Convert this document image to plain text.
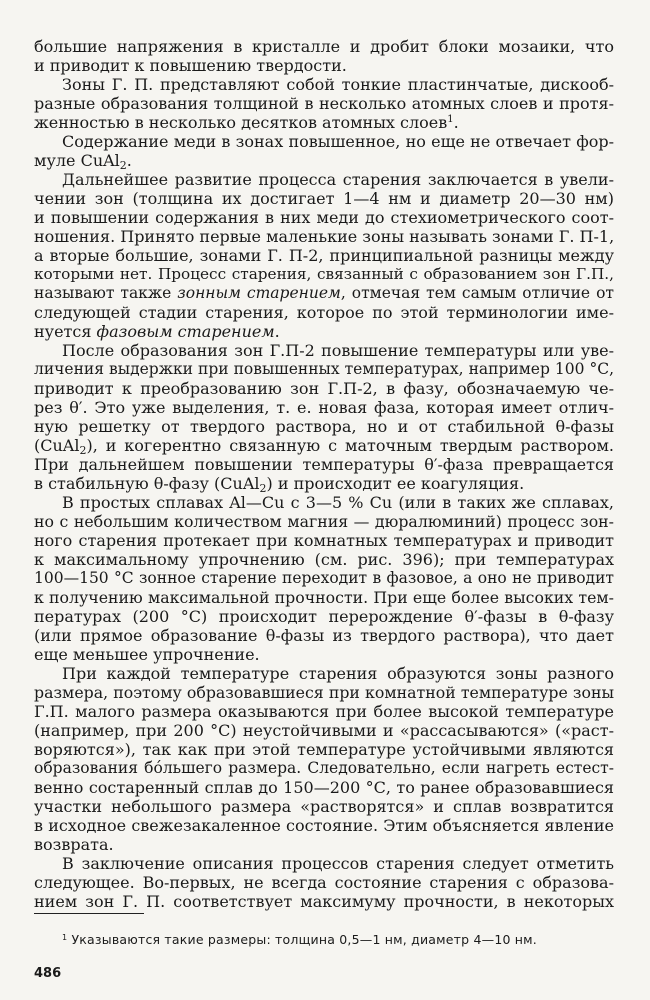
большие напряжения в кристалле и дробит блоки мозаики, что

и приводит к повышению твердости.

Зоны Г. П. представляют собой тонкие пластинчатые, дискооб-

разные образования толщиной в несколько атомных слоев и протя-

женностью в несколько десятков атомных слоев$^1$.

Содержание меди в зонах повышенное, но еще не отвечает фор-

муле CuAl$_2$.

Дальнейшее развитие процесса старения заключается в увели-

чении зон (толщина их достигает 1—4 нм и диаметр 20—30 нм)

и повышении содержания в них меди до стехиометрического соот-

ношения. Принято первые маленькие зоны называть зонами Г. П-1,

а вторые большие, зонами Г. П-2, принципиальной разницы между

которыми нет. Процесс старения, связанный с образованием зон Г.П.,

называют также зонным старением, отмечая тем самым отличие от

следующей стадии старения, которое по этой терминологии име-

нуется фазовым старением.

После образования зон Г.П-2 повышение температуры или уве-

личения выдержки при повышенных температурах, например 100 °С,

приводит к преобразованию зон Г.П-2, в фазу, обозначаемую че-

рез θ′. Это уже выделения, т. е. новая фаза, которая имеет отлич-

ную решетку от твердого раствора, но и от стабильной θ-фазы

(CuAl$_2$), и когерентно связанную с маточным твердым раствором.

При дальнейшем повышении температуры θ′-фаза превращается

в стабильную θ-фазу (CuAl$_2$) и происходит ее коагуляция.

В простых сплавах Al—Cu с 3—5 % Cu (или в таких же сплавах,

но с небольшим количеством магния — дюралюминий) процесс зон-

ного старения протекает при комнатных температурах и приводит

к максимальному упрочнению (см. рис. 396); при температурах

100—150 °С зонное старение переходит в фазовое, а оно не приводит

к получению максимальной прочности. При еще более высоких тем-

пературах (200 °С) происходит перерождение θ′-фазы в θ-фазу

(или прямое образование θ-фазы из твердого раствора), что дает

еще меньшее упрочнение.

При каждой температуре старения образуются зоны разного

размера, поэтому образовавшиеся при комнатной температуре зоны

Г.П. малого размера оказываются при более высокой температуре

(например, при 200 °С) неустойчивыми и «рассасываются» («раст-

воряются»), так как при этой температуре устойчивыми являются

образования бо́льшего размера. Следовательно, если нагреть естест-

венно состаренный сплав до 150—200 °С, то ранее образовавшиеся

участки небольшого размера «растворятся» и сплав возвратится

в исходное свежезакаленное состояние. Этим объясняется явление

возврата.

В заключение описания процессов старения следует отметить

следующее. Во-первых, не всегда состояние старения с образова-

нием зон Г. П. соответствует максимуму прочности, в некоторых

$^1$ Указываются такие размеры: толщина 0,5—1 нм, диаметр 4—10 нм.
486
